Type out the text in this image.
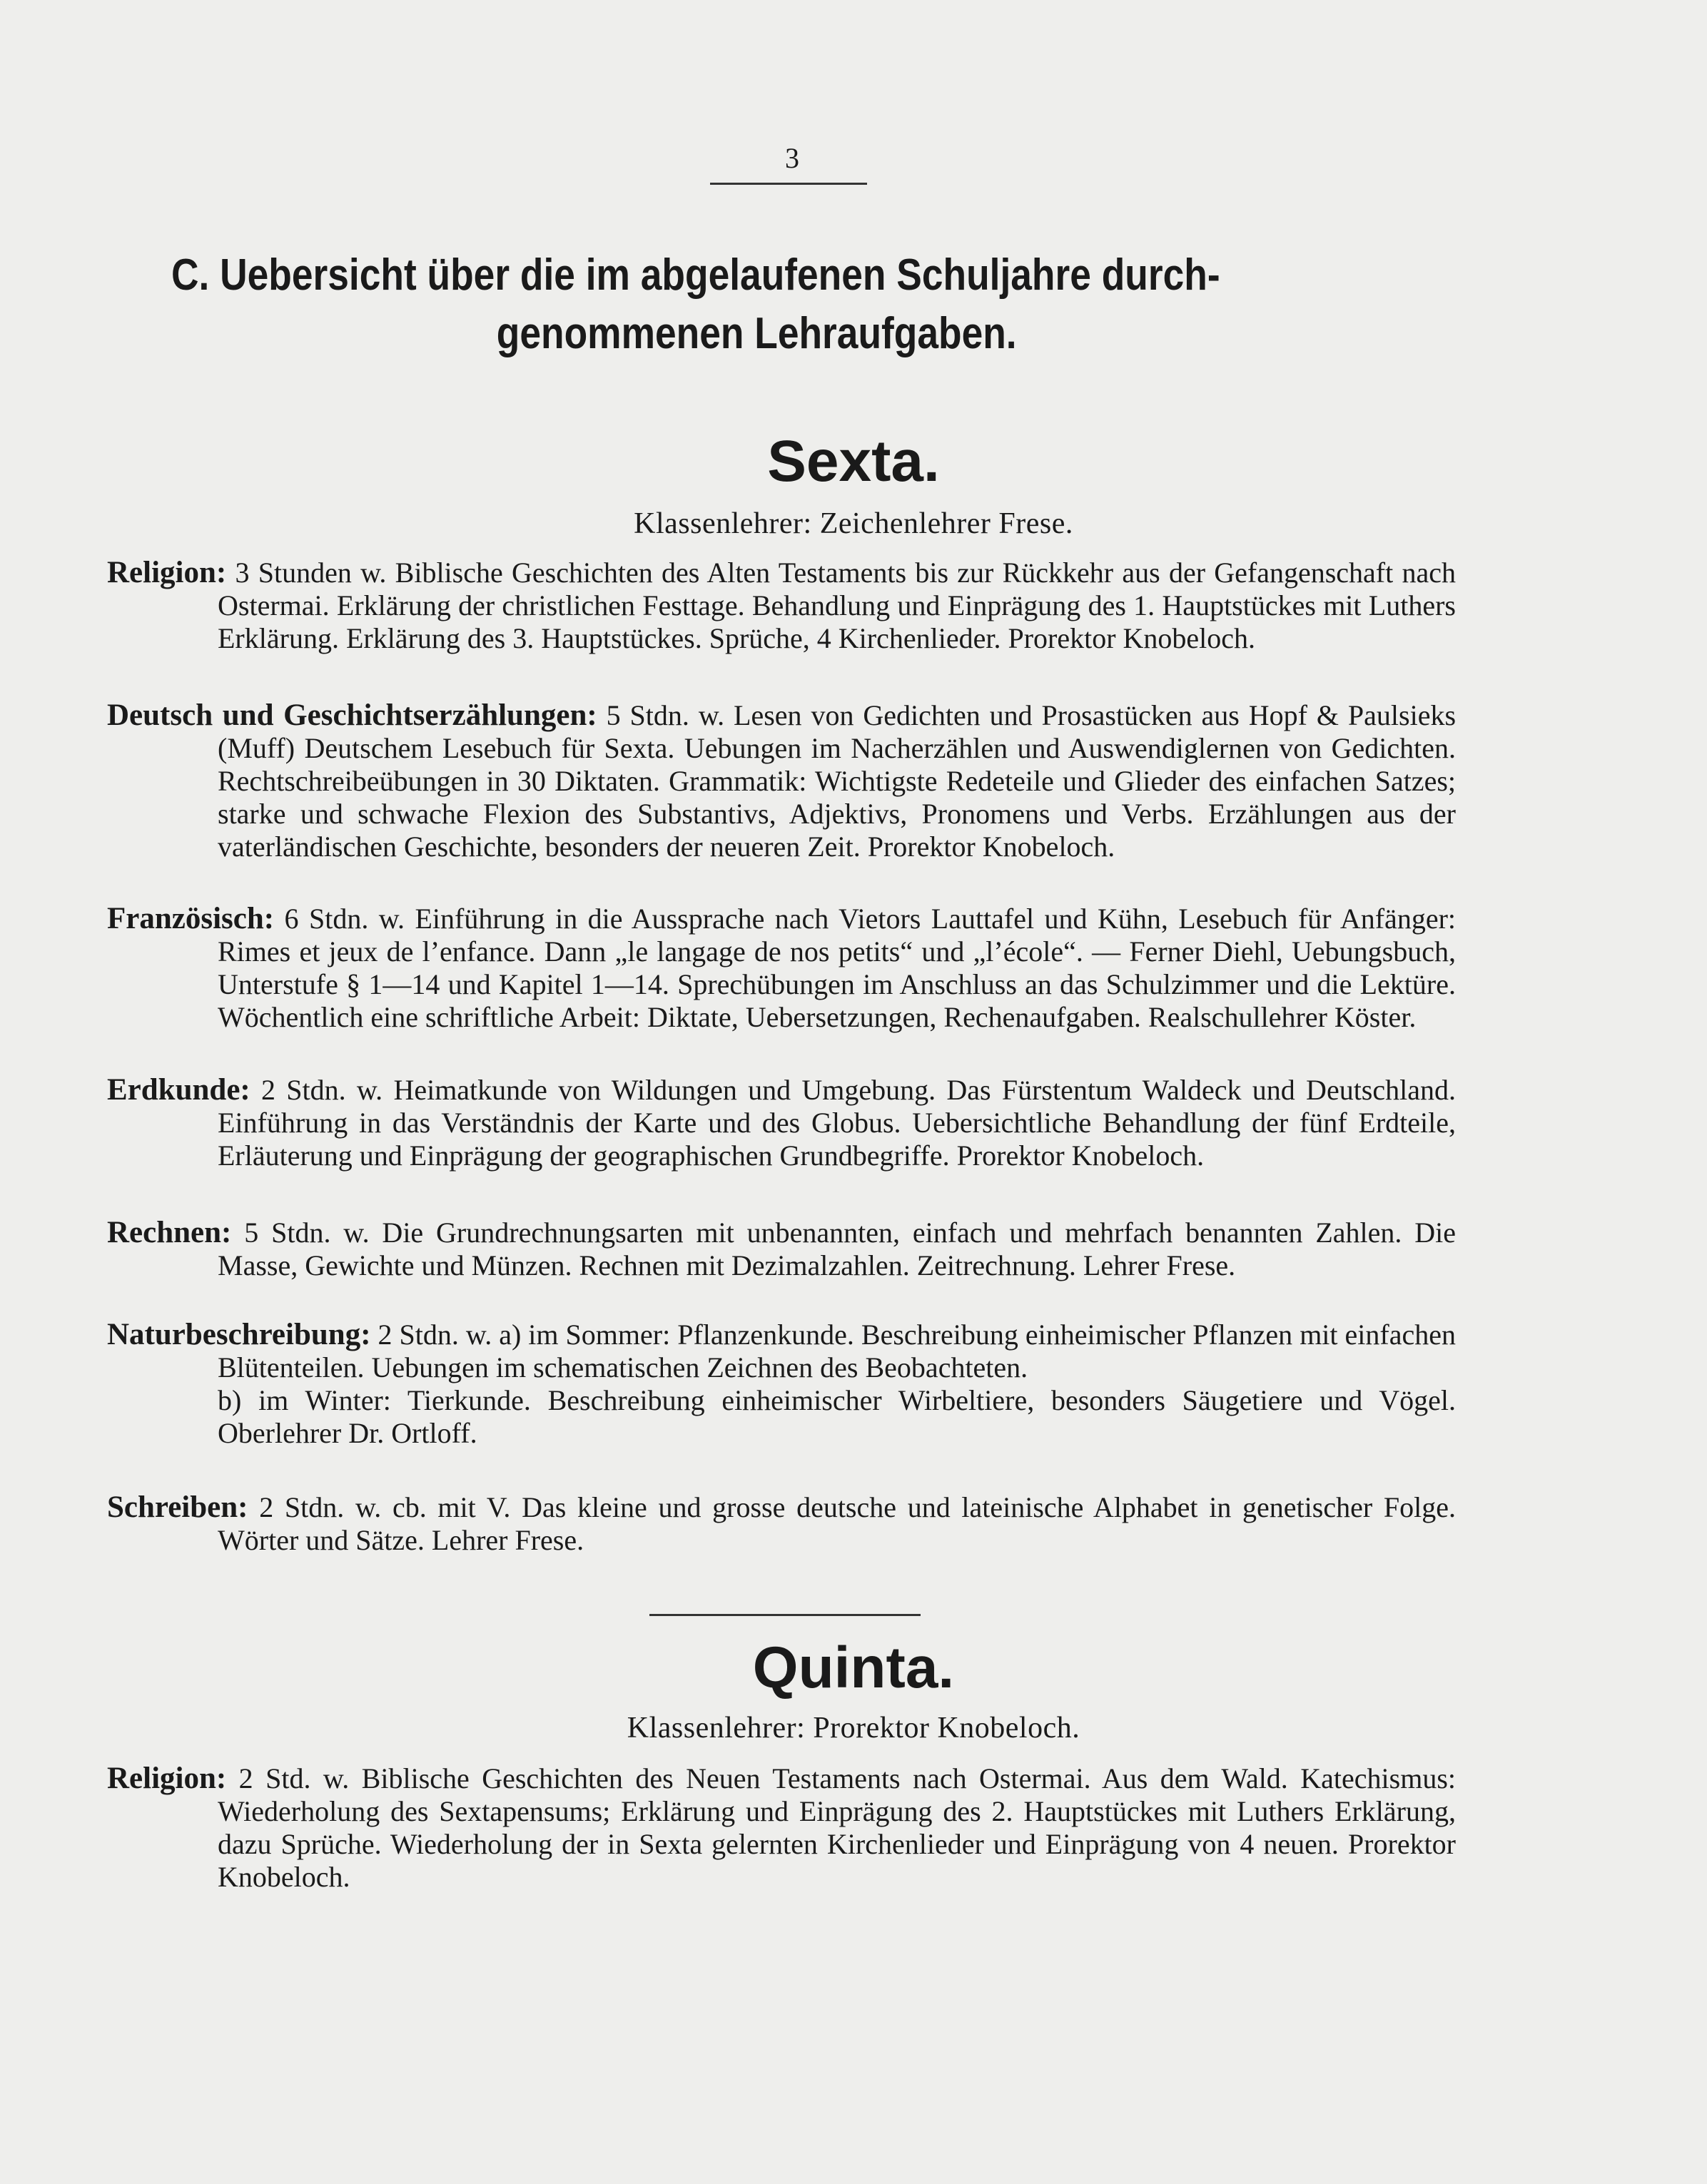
3
C. Uebersicht über die im abgelaufenen Schuljahre durch-
genommenen Lehraufgaben.
Sexta.
Klassenlehrer: Zeichenlehrer Frese.

Religion: 3 Stunden w. Biblische Geschichten des Alten Testaments bis zur Rückkehr aus der Gefangenschaft nach Ostermai. Erklärung der christlichen Festtage. Behandlung und Einprägung des 1. Hauptstückes mit Luthers Erklärung. Erklärung des 3. Hauptstückes. Sprüche, 4 Kirchenlieder. Prorektor Knobeloch.

Deutsch und Geschichtserzählungen: 5 Stdn. w. Lesen von Gedichten und Prosastücken aus Hopf & Paulsieks (Muff) Deutschem Lesebuch für Sexta. Uebungen im Nacherzählen und Auswendiglernen von Gedichten. Rechtschreibeübungen in 30 Diktaten. Grammatik: Wichtigste Redeteile und Glieder des einfachen Satzes; starke und schwache Flexion des Substantivs, Adjektivs, Pronomens und Verbs. Erzählungen aus der vaterländischen Geschichte, besonders der neueren Zeit. Prorektor Knobeloch.

Französisch: 6 Stdn. w. Einführung in die Aussprache nach Vietors Lauttafel und Kühn, Lesebuch für Anfänger: Rimes et jeux de l’enfance. Dann „le langage de nos petits“ und „l’école“. — Ferner Diehl, Uebungsbuch, Unterstufe § 1—14 und Kapitel 1—14. Sprechübungen im Anschluss an das Schulzimmer und die Lektüre. Wöchentlich eine schriftliche Arbeit: Diktate, Uebersetzungen, Rechenaufgaben. Realschullehrer Köster.

Erdkunde: 2 Stdn. w. Heimatkunde von Wildungen und Umgebung. Das Fürstentum Waldeck und Deutschland. Einführung in das Verständnis der Karte und des Globus. Uebersichtliche Behandlung der fünf Erdteile, Erläuterung und Einprägung der geographischen Grundbegriffe. Prorektor Knobeloch.

Rechnen: 5 Stdn. w. Die Grundrechnungsarten mit unbenannten, einfach und mehrfach benannten Zahlen. Die Masse, Gewichte und Münzen. Rechnen mit Dezimalzahlen. Zeitrechnung. Lehrer Frese.

Naturbeschreibung: 2 Stdn. w. a) im Sommer: Pflanzenkunde. Beschreibung einheimischer Pflanzen mit einfachen Blütenteilen. Uebungen im schematischen Zeichnen des Beobachteten.

b) im Winter: Tierkunde. Beschreibung einheimischer Wirbeltiere, besonders Säugetiere und Vögel. Oberlehrer Dr. Ortloff.

Schreiben: 2 Stdn. w. cb. mit V. Das kleine und grosse deutsche und lateinische Alphabet in genetischer Folge. Wörter und Sätze. Lehrer Frese.

Quinta.
Klassenlehrer: Prorektor Knobeloch.

Religion: 2 Std. w. Biblische Geschichten des Neuen Testaments nach Ostermai. Aus dem Wald. Katechismus: Wiederholung des Sextapensums; Erklärung und Einprägung des 2. Hauptstückes mit Luthers Erklärung, dazu Sprüche. Wiederholung der in Sexta gelernten Kirchenlieder und Einprägung von 4 neuen. Prorektor Knobeloch.
